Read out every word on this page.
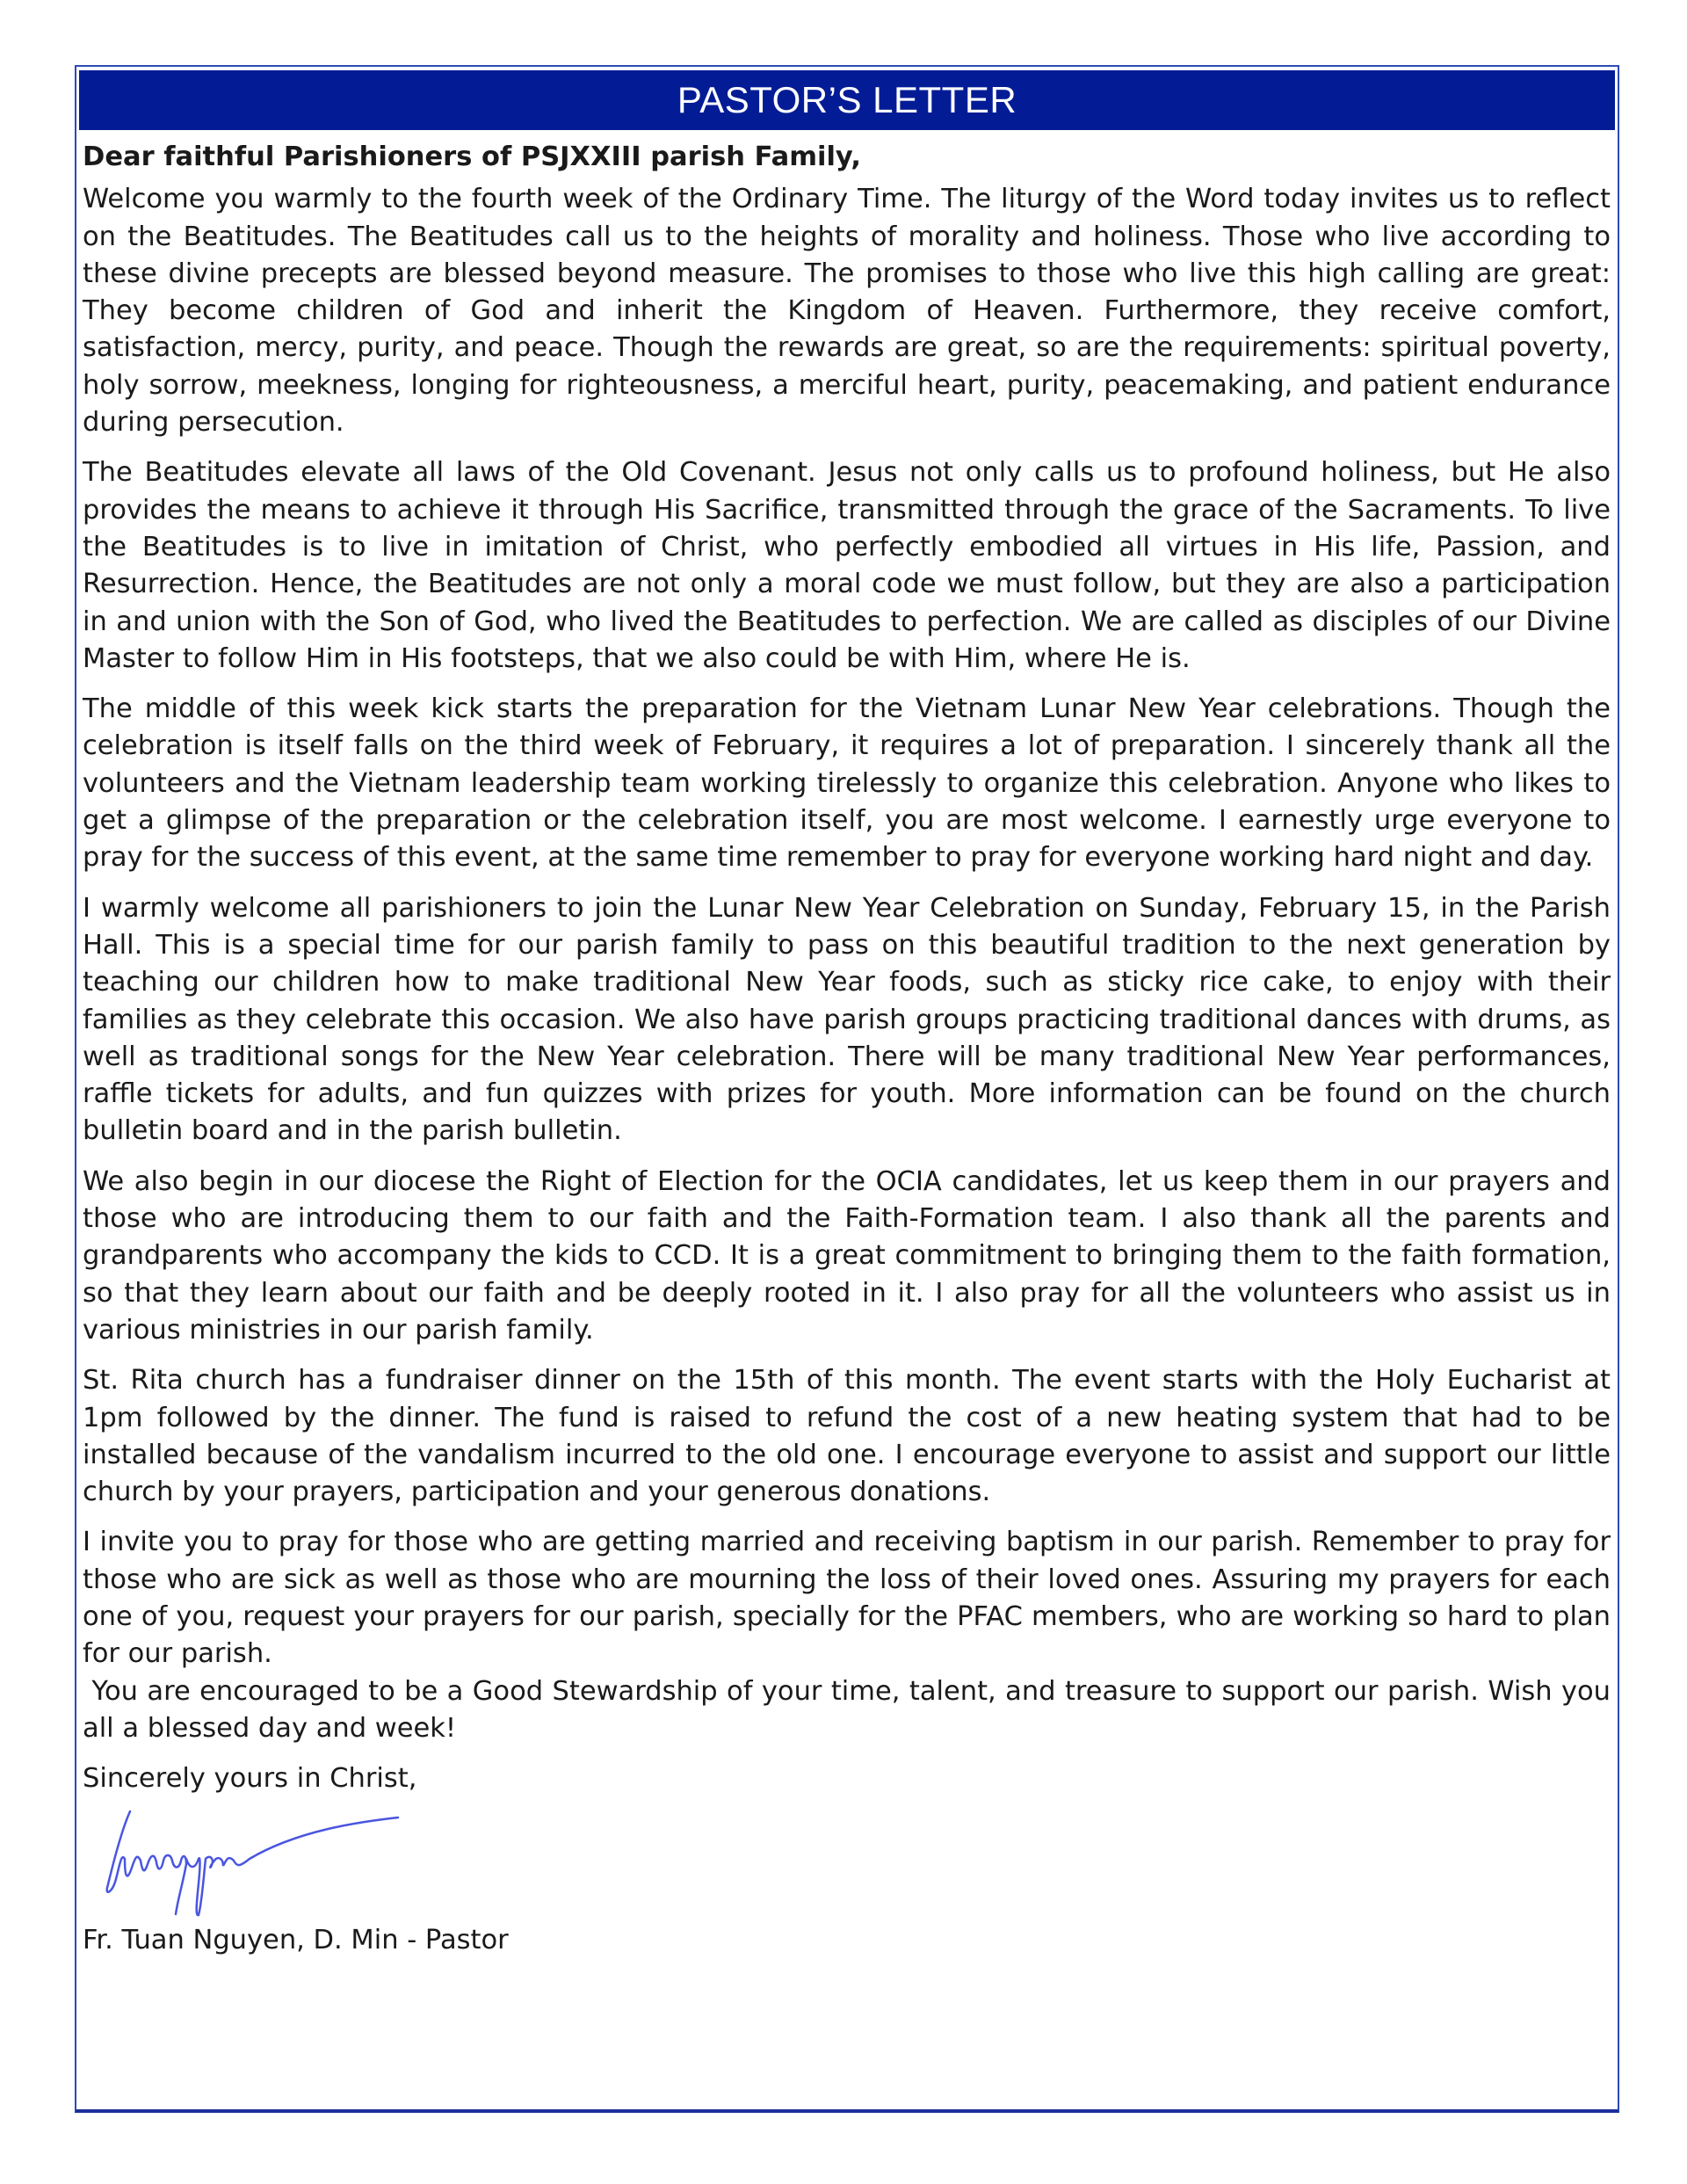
PASTOR’S LETTER
Dear faithful Parishioners of PSJXXIII parish Family,

Welcome you warmly to the fourth week of the Ordinary Time. The liturgy of the Word today invites us to reflect on the Beatitudes. The Beatitudes call us to the heights of morality and holiness. Those who live according to these divine precepts are blessed beyond measure. The promises to those who live this high calling are great: They become children of God and inherit the Kingdom of Heaven. Furthermore, they receive comfort, satisfaction, mercy, purity, and peace. Though the rewards are great, so are the requirements: spiritual poverty, holy sorrow, meekness, longing for righteousness, a merciful heart, purity, peacemaking, and patient endurance during persecution.

The Beatitudes elevate all laws of the Old Covenant. Jesus not only calls us to profound holiness, but He also provides the means to achieve it through His Sacrifice, transmitted through the grace of the Sacraments. To live the Beatitudes is to live in imitation of Christ, who perfectly embodied all virtues in His life, Passion, and Resurrection. Hence, the Beatitudes are not only a moral code we must follow, but they are also a participation in and union with the Son of God, who lived the Beatitudes to perfection. We are called as disciples of our Divine Master to follow Him in His footsteps, that we also could be with Him, where He is.

The middle of this week kick starts the preparation for the Vietnam Lunar New Year celebrations. Though the celebration is itself falls on the third week of February, it requires a lot of preparation. I sincerely thank all the volunteers and the Vietnam leadership team working tirelessly to organize this celebration. Anyone who likes to get a glimpse of the preparation or the celebration itself, you are most welcome. I earnestly urge everyone to pray for the success of this event, at the same time remember to pray for everyone working hard night and day.

I warmly welcome all parishioners to join the Lunar New Year Celebration on Sunday, February 15, in the Parish Hall. This is a special time for our parish family to pass on this beautiful tradition to the next generation by teaching our children how to make traditional New Year foods, such as sticky rice cake, to enjoy with their families as they celebrate this occasion. We also have parish groups practicing traditional dances with drums, as well as traditional songs for the New Year celebration. There will be many traditional New Year performances, raffle tickets for adults, and fun quizzes with prizes for youth. More information can be found on the church bulletin board and in the parish bulletin.

We also begin in our diocese the Right of Election for the OCIA candidates, let us keep them in our prayers and those who are introducing them to our faith and the Faith-Formation team. I also thank all the parents and grandparents who accompany the kids to CCD. It is a great commitment to bringing them to the faith formation, so that they learn about our faith and be deeply rooted in it. I also pray for all the volunteers who assist us in various ministries in our parish family.

St. Rita church has a fundraiser dinner on the 15th of this month. The event starts with the Holy Eucharist at 1pm followed by the dinner. The fund is raised to refund the cost of a new heating system that had to be installed because of the vandalism incurred to the old one. I encourage everyone to assist and support our little church by your prayers, participation and your generous donations.

I invite you to pray for those who are getting married and receiving baptism in our parish. Remember to pray for those who are sick as well as those who are mourning the loss of their loved ones. Assuring my prayers for each one of you, request your prayers for our parish, specially for the PFAC members, who are working so hard to plan for our parish.

You are encouraged to be a Good Stewardship of your time, talent, and treasure to support our parish. Wish you all a blessed day and week!

Sincerely yours in Christ,
Fr. Tuan Nguyen, D. Min - Pastor
